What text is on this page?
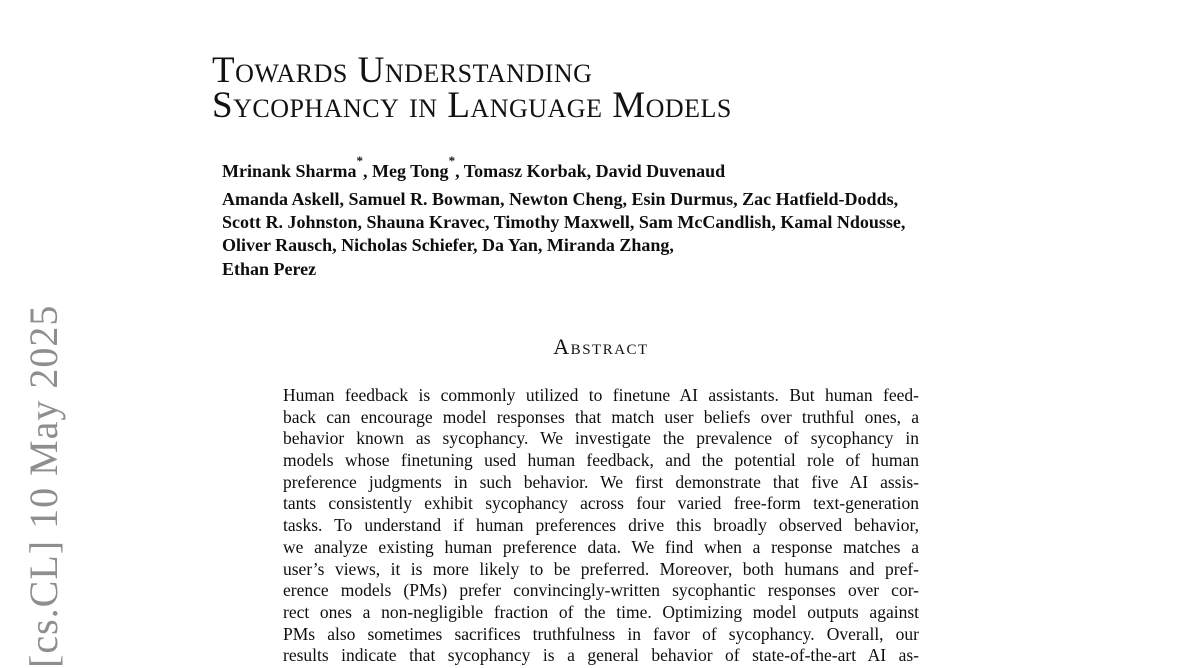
[cs.CL] 10 May 2025
Towards Understanding
Sycophancy in Language Models
Mrinank Sharma*, Meg Tong*, Tomasz Korbak, David Duvenaud
Amanda Askell, Samuel R. Bowman, Newton Cheng, Esin Durmus, Zac Hatfield-Dodds,
Scott R. Johnston, Shauna Kravec, Timothy Maxwell, Sam McCandlish, Kamal Ndousse,
Oliver Rausch, Nicholas Schiefer, Da Yan, Miranda Zhang,
Ethan Perez
Abstract
Human feedback is commonly utilized to finetune AI assistants. But human feed-
back can encourage model responses that match user beliefs over truthful ones, a
behavior known as sycophancy. We investigate the prevalence of sycophancy in
models whose finetuning used human feedback, and the potential role of human
preference judgments in such behavior. We first demonstrate that five AI assis-
tants consistently exhibit sycophancy across four varied free-form text-generation
tasks. To understand if human preferences drive this broadly observed behavior,
we analyze existing human preference data. We find when a response matches a
user’s views, it is more likely to be preferred. Moreover, both humans and pref-
erence models (PMs) prefer convincingly-written sycophantic responses over cor-
rect ones a non-negligible fraction of the time. Optimizing model outputs against
PMs also sometimes sacrifices truthfulness in favor of sycophancy. Overall, our
results indicate that sycophancy is a general behavior of state-of-the-art AI as-
